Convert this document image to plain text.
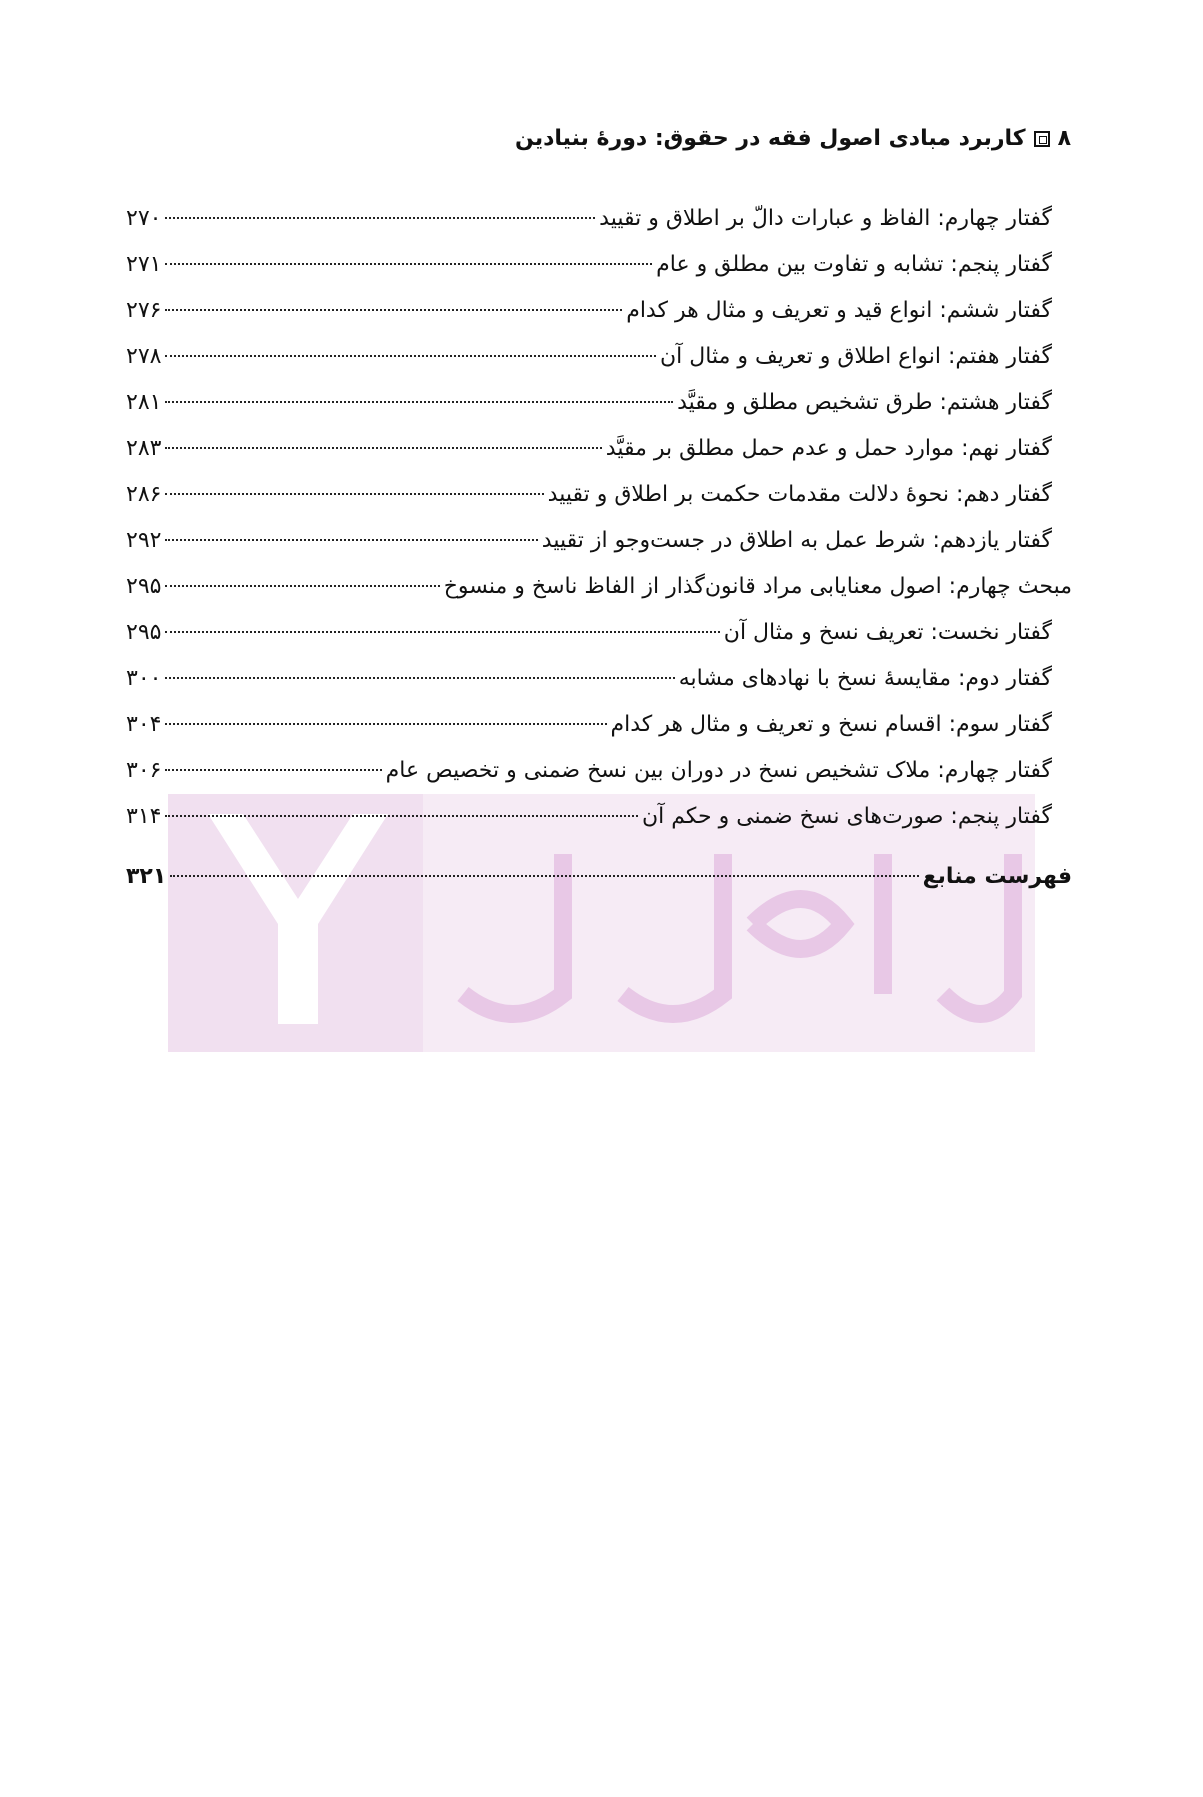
۸
کاربرد مبادی اصول فقه در حقوق: دورهٔ بنیادین
گفتار چهارم: الفاظ و عبارات دالّ بر اطلاق و تقیید
۲۷۰
گفتار پنجم: تشابه و تفاوت بین مطلق و عام
۲۷۱
گفتار ششم: انواع قید و تعریف و مثال هر کدام
۲۷۶
گفتار هفتم: انواع اطلاق و تعریف و مثال آن
۲۷۸
گفتار هشتم: طرق تشخیص مطلق و مقیَّد
۲۸۱
گفتار نهم: موارد حمل و عدم حمل مطلق بر مقیَّد
۲۸۳
گفتار دهم: نحوهٔ دلالت مقدمات حکمت بر اطلاق و تقیید
۲۸۶
گفتار یازدهم: شرط عمل به اطلاق در جست‌وجو از تقیید
۲۹۲
مبحث چهارم: اصول معنایابی مراد قانون‌گذار از الفاظ ناسخ و منسوخ
۲۹۵
گفتار نخست: تعریف نسخ و مثال آن
۲۹۵
گفتار دوم: مقایسهٔ نسخ با نهادهای مشابه
۳۰۰
گفتار سوم: اقسام نسخ و تعریف و مثال هر کدام
۳۰۴
گفتار چهارم: ملاک تشخیص نسخ در دوران بین نسخ ضمنی و تخصیص عام
۳۰۶
گفتار پنجم: صورت‌های نسخ ضمنی و حکم آن
۳۱۴
فهرست منابع
۳۲۱
